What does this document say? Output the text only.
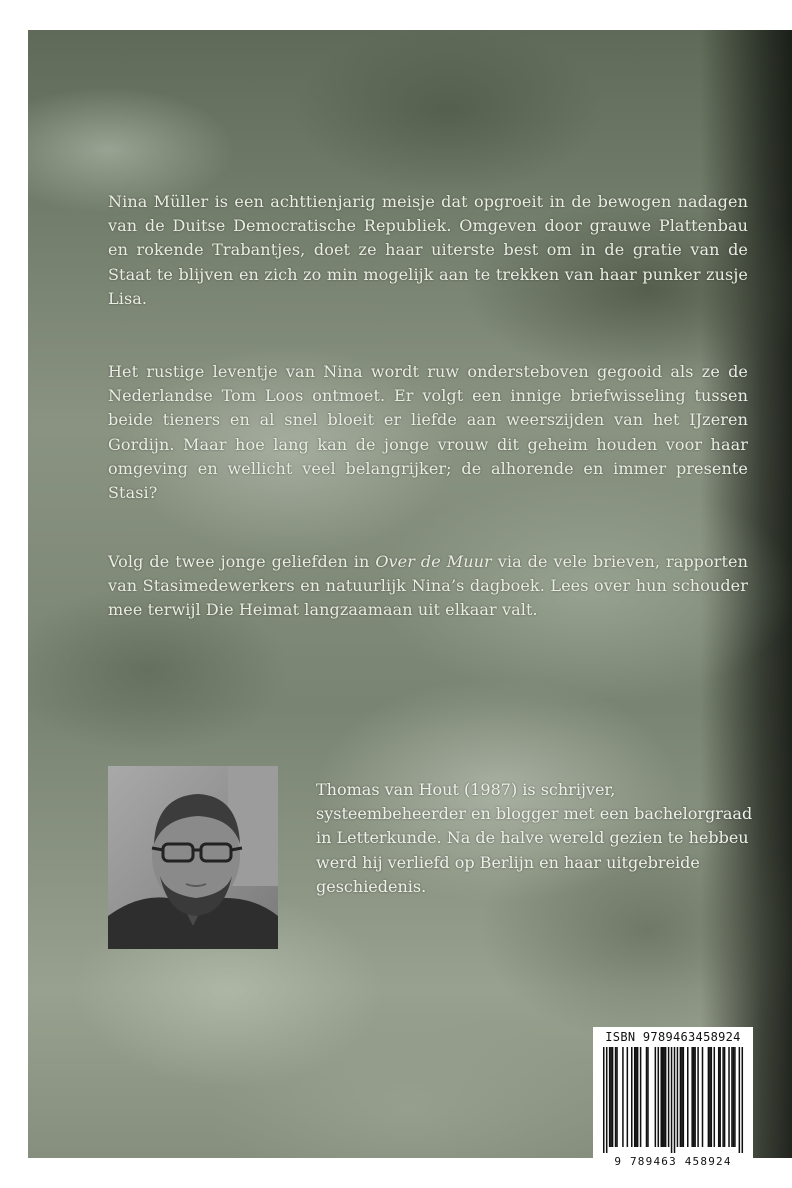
Nina Müller is een achttienjarig meisje dat opgroeit in de bewogen nadagen van de Duitse Democratische Republiek. Omgeven door grauwe Plattenbau en rokende Trabantjes, doet ze haar uiterste best om in de gratie van de Staat te blijven en zich zo min mogelijk aan te trekken van haar punker zusje Lisa.

Het rustige leventje van Nina wordt ruw ondersteboven gegooid als ze de Nederlandse Tom Loos ontmoet. Er volgt een innige briefwisseling tussen beide tieners en al snel bloeit er liefde aan weerszijden van het IJzeren Gordijn. Maar hoe lang kan de jonge vrouw dit geheim houden voor haar omgeving en wellicht veel belangrijker; de alhorende en immer presente Stasi?

Volg de twee jonge geliefden in Over de Muur via de vele brieven, rapporten van Stasimedewerkers en natuurlijk Nina’s dagboek. Lees over hun schouder mee terwijl Die Heimat langzaamaan uit elkaar valt.

Thomas van Hout (1987) is schrijver, systeembeheerder en blogger met een bachelorgraad in Letterkunde. Na de halve wereld gezien te hebbeu werd hij verliefd op Berlijn en haar uitgebreide geschiedenis.

ISBN 9789463458924
9 789463 458924
